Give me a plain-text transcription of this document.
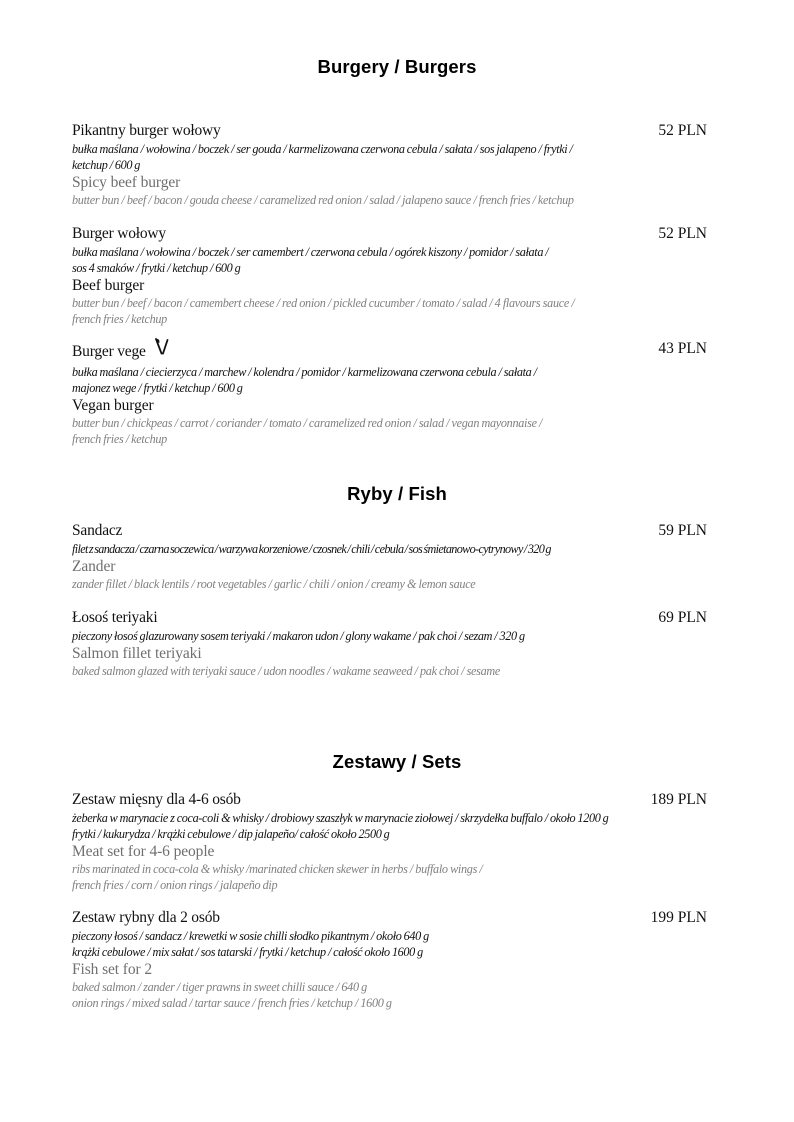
Burgery / Burgers
Pikantny burger wołowy	52 PLN
bułka maślana / wołowina / boczek / ser gouda / karmelizowana czerwona cebula / sałata / sos jalapeno / frytki /
ketchup / 600 g
Spicy beef burger
butter bun / beef / bacon / gouda cheese / caramelized red onion / salad / jalapeno sauce / french fries / ketchup
Burger wołowy	52 PLN
bułka maślana / wołowina / boczek / ser camembert / czerwona cebula / ogórek kiszony / pomidor / sałata /
sos 4 smaków / frytki / ketchup / 600 g
Beef burger
butter bun / beef / bacon / camembert cheese / red onion / pickled cucumber / tomato / salad / 4 flavours sauce /
french fries / ketchup
Burger vege	43 PLN
bułka maślana / ciecierzyca / marchew / kolendra / pomidor / karmelizowana czerwona cebula / sałata /
majonez wege / frytki / ketchup / 600 g
Vegan burger
butter bun / chickpeas / carrot / coriander / tomato / caramelized red onion / salad / vegan mayonnaise /
french fries / ketchup
Ryby / Fish
Sandacz	59 PLN
filet z sandacza / czarna soczewica / warzywa korzeniowe / czosnek / chili / cebula / sos śmietanowo-cytrynowy / 320 g
Zander
zander fillet / black lentils / root vegetables / garlic / chili / onion / creamy & lemon sauce
Łosoś teriyaki	69 PLN
pieczony łosoś glazurowany sosem teriyaki / makaron udon / glony wakame / pak choi / sezam / 320 g
Salmon fillet teriyaki
baked salmon glazed with teriyaki sauce / udon noodles / wakame seaweed / pak choi / sesame
Zestawy / Sets
Zestaw mięsny dla 4-6 osób	189 PLN
żeberka w marynacie z coca-coli & whisky / drobiowy szaszłyk w marynacie ziołowej / skrzydełka buffalo / około 1200 g
frytki / kukurydza / krążki cebulowe / dip jalapeño/ całość około 2500 g
Meat set for 4-6 people
ribs marinated in coca-cola & whisky /marinated chicken skewer in herbs / buffalo wings /
french fries / corn / onion rings / jalapeño dip
Zestaw rybny dla 2 osób	199 PLN
pieczony łosoś / sandacz / krewetki w sosie chilli słodko pikantnym / około 640 g
krążki cebulowe / mix sałat / sos tatarski / frytki / ketchup / całość około 1600 g
Fish set for 2
baked salmon / zander / tiger prawns in sweet chilli sauce / 640 g
onion rings / mixed salad / tartar sauce / french fries / ketchup / 1600 g
